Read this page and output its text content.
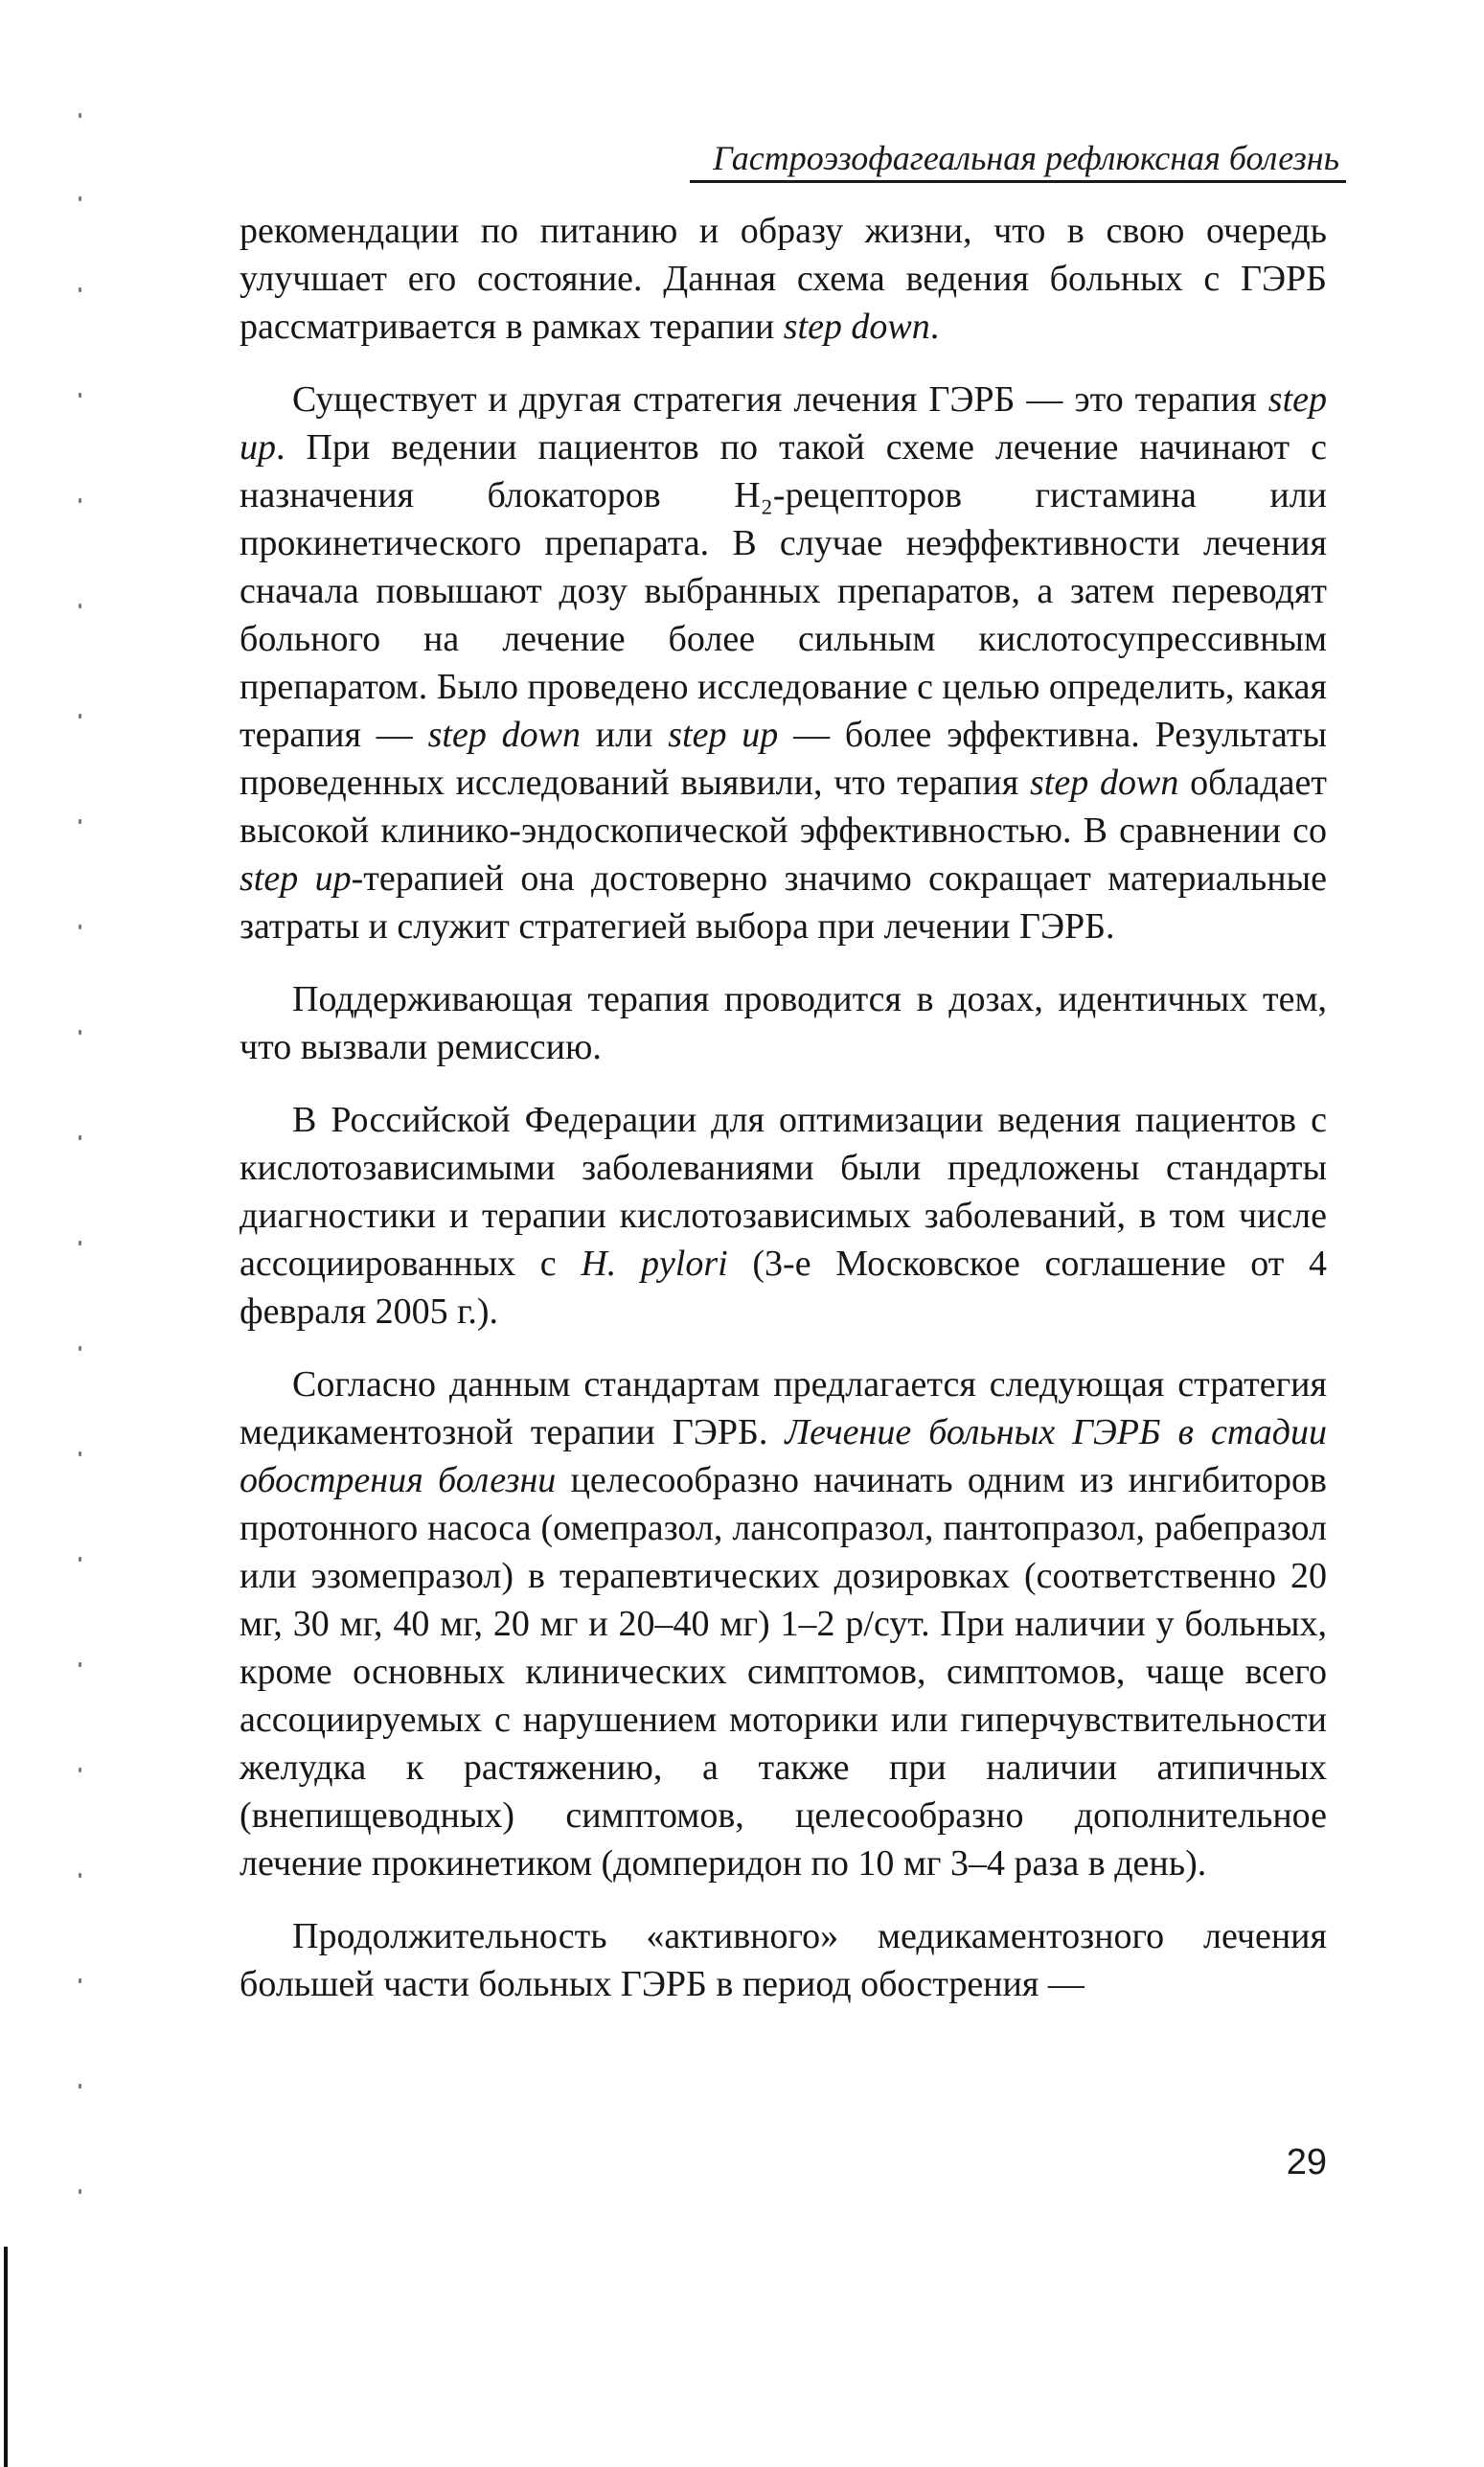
Гастроэзофагеальная рефлюксная болезнь

рекомендации по питанию и образу жизни, что в свою очередь улучшает его состояние. Данная схема ведения больных с ГЭРБ рассматривается в рамках терапии step down.

Существует и другая стратегия лечения ГЭРБ — это терапия step up. При ведении пациентов по такой схеме лечение начинают с назначения блокаторов Н₂-рецепторов гистамина или прокинетического препарата. В случае неэффективности лечения сначала повышают дозу выбранных препаратов, а затем переводят больного на лечение более сильным кислотосупрессивным препаратом. Было проведено исследование с целью определить, какая терапия — step down или step up — более эффективна. Результаты проведенных исследований выявили, что терапия step down обладает высокой клинико-эндоскопической эффективностью. В сравнении со step up-терапией она достоверно значимо сокращает материальные затраты и служит стратегией выбора при лечении ГЭРБ.

Поддерживающая терапия проводится в дозах, идентичных тем, что вызвали ремиссию.

В Российской Федерации для оптимизации ведения пациентов с кислотозависимыми заболеваниями были предложены стандарты диагностики и терапии кислотозависимых заболеваний, в том числе ассоциированных с H. pylori (3-е Московское соглашение от 4 февраля 2005 г.).

Согласно данным стандартам предлагается следующая стратегия медикаментозной терапии ГЭРБ. Лечение больных ГЭРБ в стадии обострения болезни целесообразно начинать одним из ингибиторов протонного насоса (омепразол, лансопразол, пантопразол, рабепразол или эзомепразол) в терапевтических дозировках (соответственно 20 мг, 30 мг, 40 мг, 20 мг и 20–40 мг) 1–2 р/сут. При наличии у больных, кроме основных клинических симптомов, симптомов, чаще всего ассоциируемых с нарушением моторики или гиперчувствительности желудка к растяжению, а также при наличии атипичных (внепищеводных) симптомов, целесообразно дополнительное лечение прокинетиком (домперидон по 10 мг 3–4 раза в день).

Продолжительность «активного» медикаментозного лечения большей части больных ГЭРБ в период обострения —

29
